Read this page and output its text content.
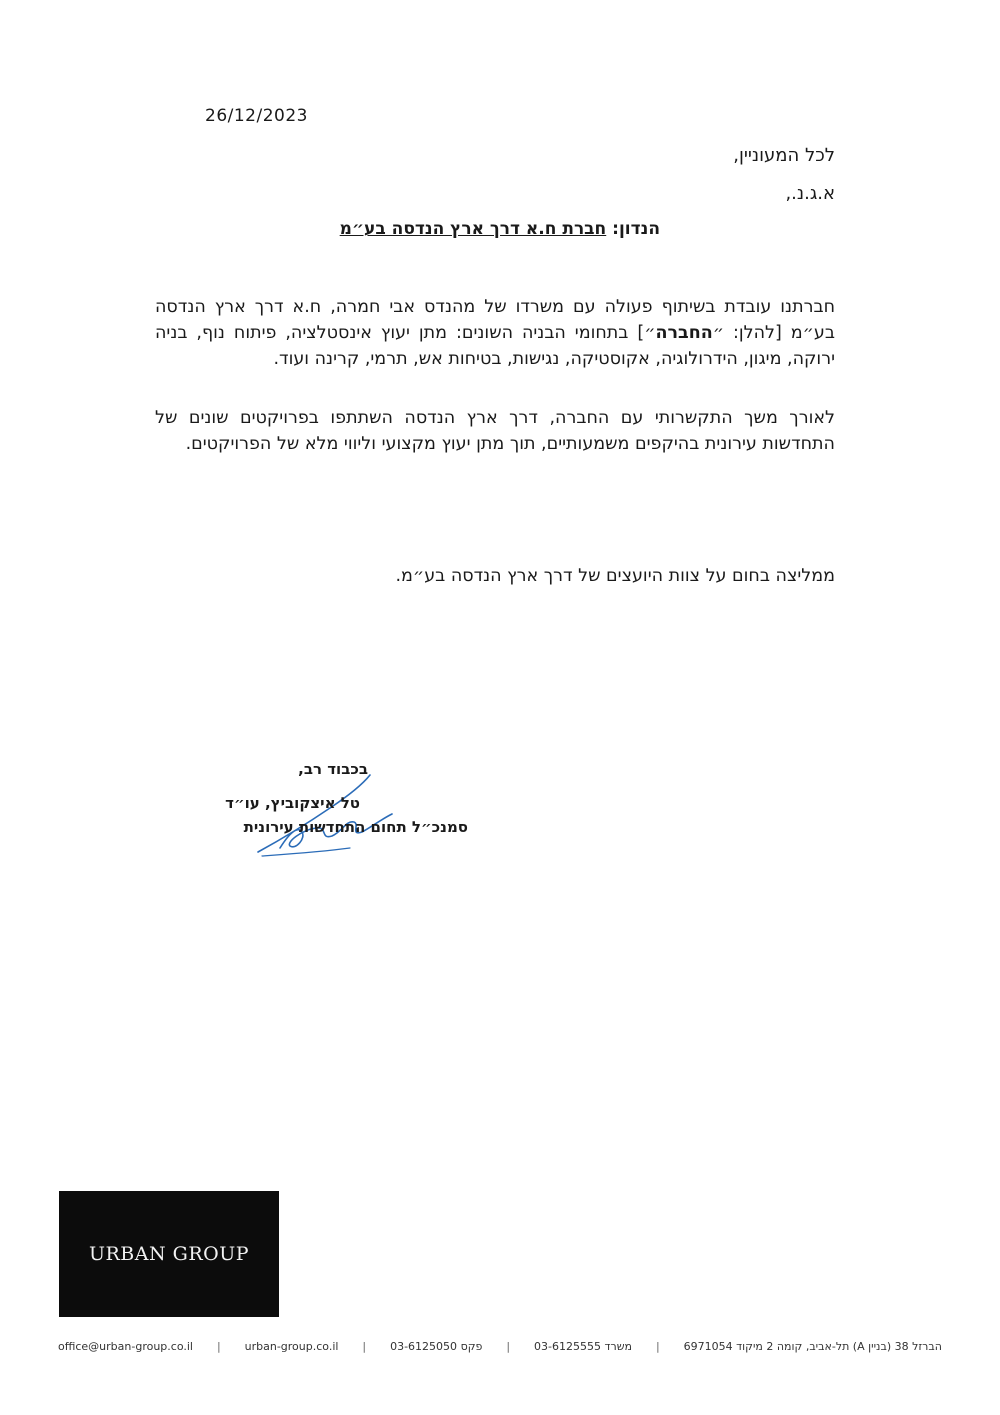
26/12/2023
לכל המעוניין,
א.ג.נ.,
הנדון: חברת ח.א דרך ארץ הנדסה בע״מ
חברתנו עובדת בשיתוף פעולה עם משרדו של מהנדס אבי חמרה, ח.א דרך ארץ הנדסה בע״מ [להלן: ״החברה״] בתחומי הבניה השונים: מתן יעוץ אינסטלציה, פיתוח נוף, בניה ירוקה, מיגון, הידרולוגיה, אקוסטיקה, נגישות, בטיחות אש, תרמי, קרינה ועוד.
לאורך משך התקשרותי עם החברה, דרך ארץ הנדסה השתתפו בפרויקטים שונים של התחדשות עירונית בהיקפים משמעותיים, תוך מתן יעוץ מקצועי וליווי מלא של הפרויקטים.
ממליצה בחום על צוות היועצים של דרך ארץ הנדסה בע״מ.
בכבוד רב,
טל איצקוביץ, עו״ד
סמנכ״ל תחום התחדשות עירונית
URBAN GROUP
office@urban-group.co.il | urban-group.co.il | 03-6125050 פקס | 03-6125555 משרד | 6971054 הברזל 38 (בניין A) תל-אביב, קומה 2 מיקוד
